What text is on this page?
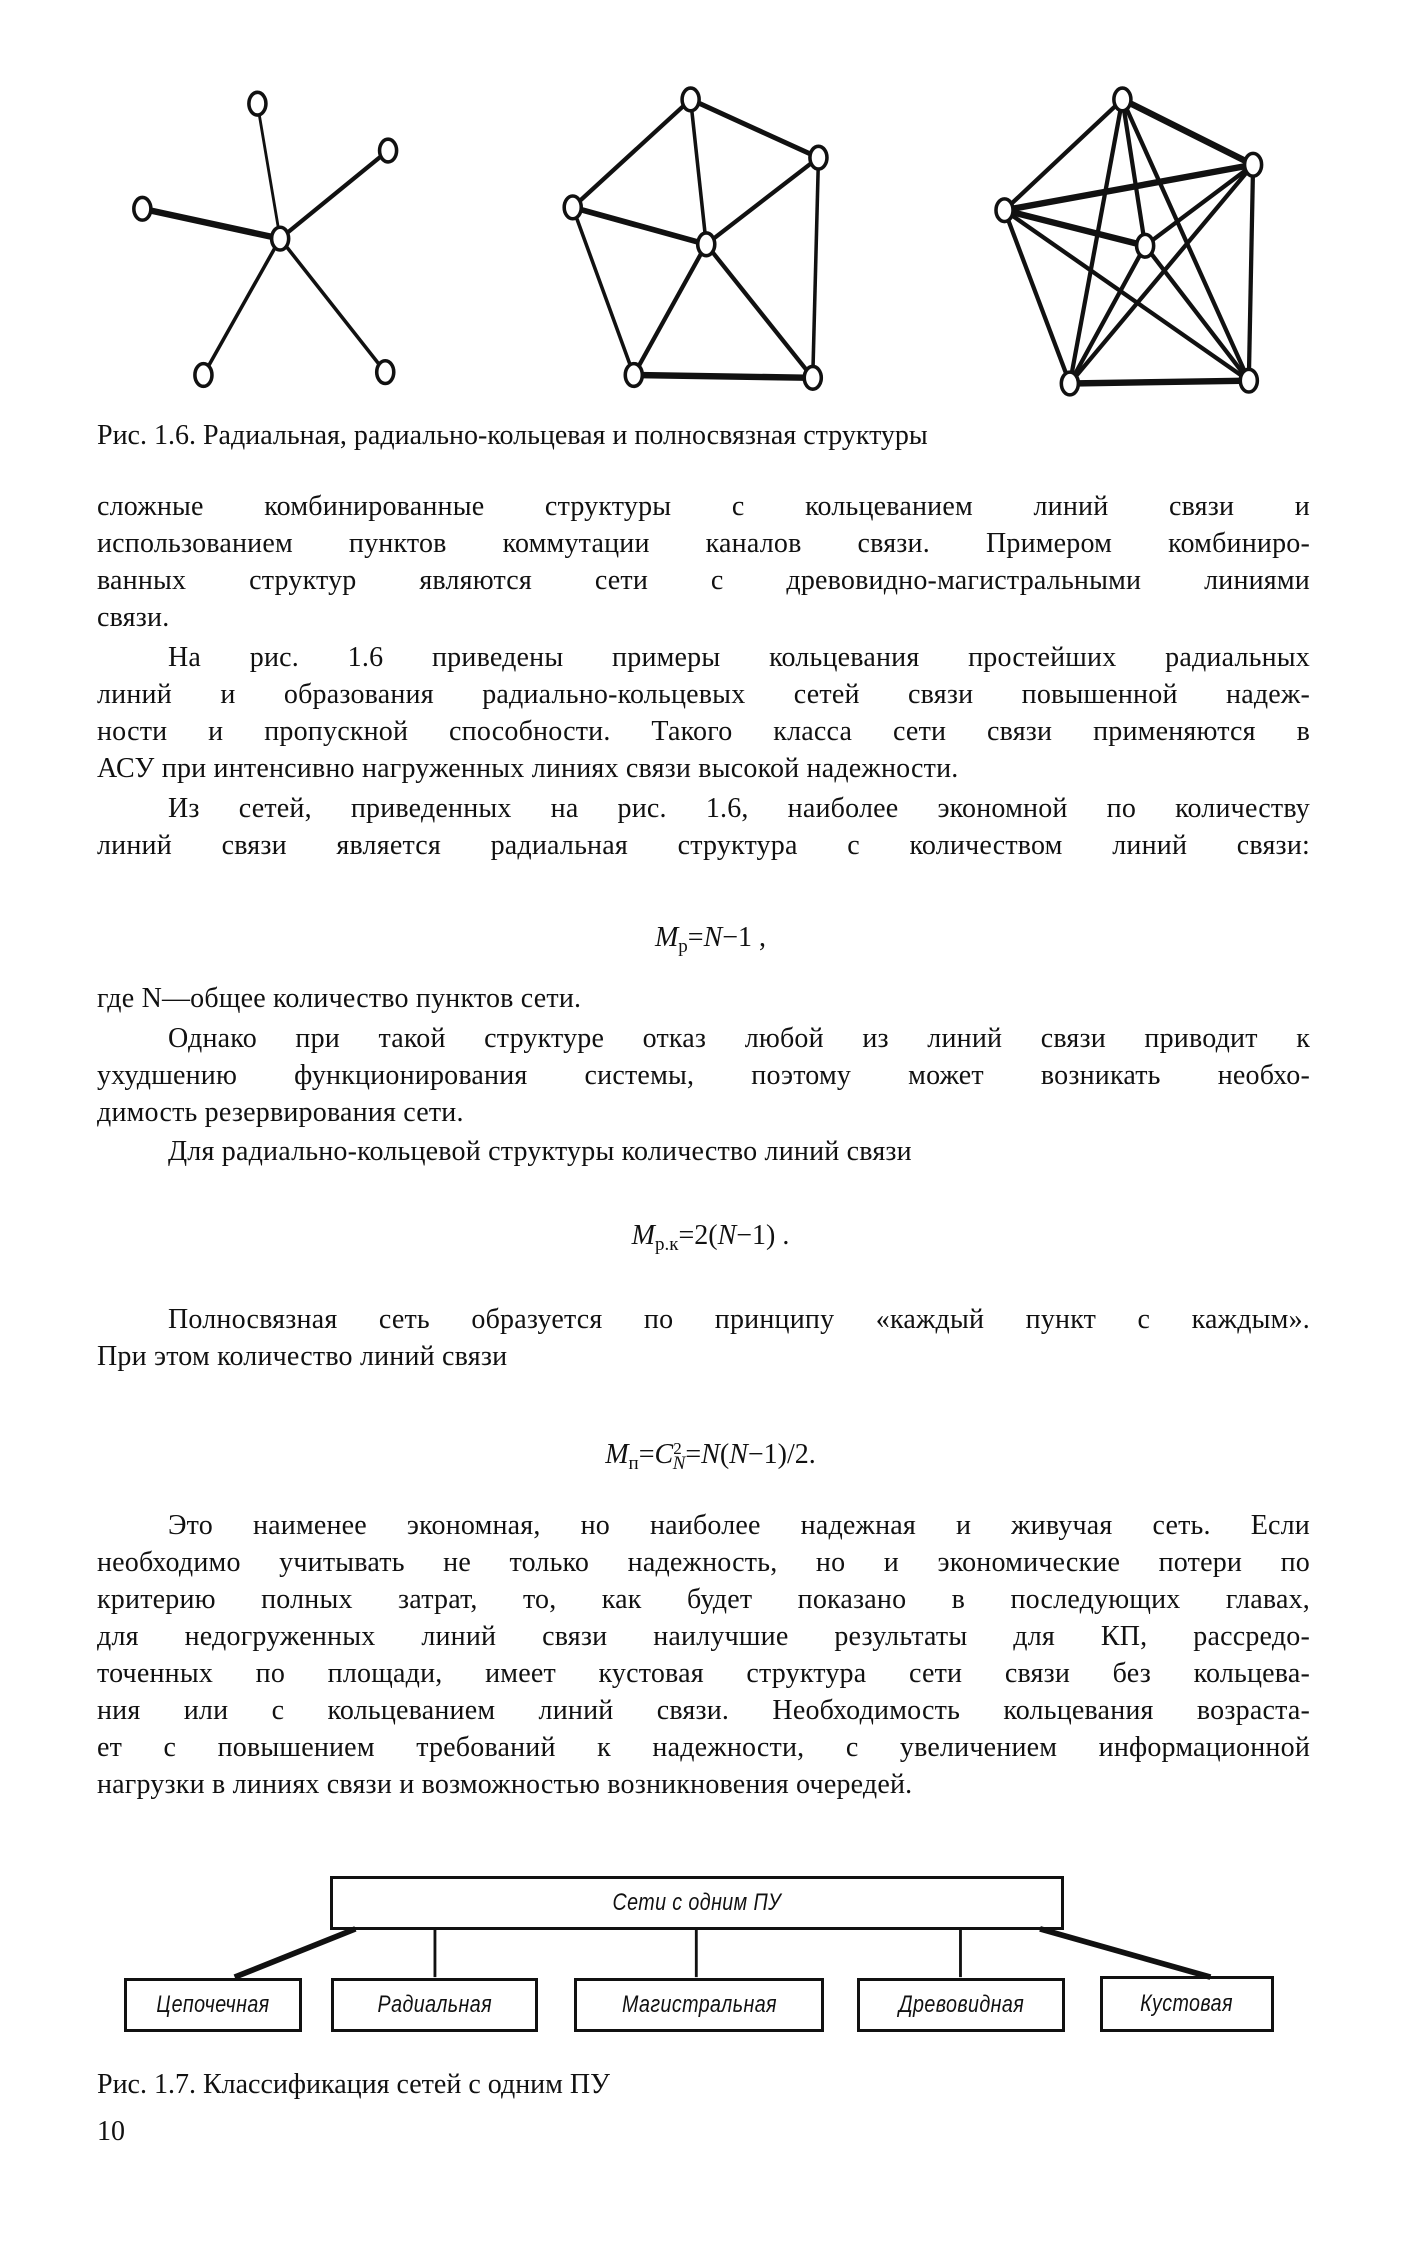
Рис. 1.6. Радиальная, радиально-кольцевая и полносвязная структуры
сложные комбинированные структуры с кольцеванием линий связи и
использованием пунктов коммутации каналов связи. Примером комбиниро-
ванных структур являются сети с древовидно-магистральными линиями
связи.
На рис. 1.6 приведены примеры кольцевания простейших радиальных
линий и образования радиально-кольцевых сетей связи повышенной надеж-
ности и пропускной способности. Такого класса сети связи применяются в
АСУ при интенсивно нагруженных линиях связи высокой надежности.
Из сетей, приведенных на рис. 1.6, наиболее экономной по количеству
линий связи является радиальная структура с количеством линий связи:
$M_р=N-1$ ,
где N—общее количество пунктов сети.
Однако при такой структуре отказ любой из линий связи приводит к
ухудшению функционирования системы, поэтому может возникать необхо-
димость резервирования сети.
Для радиально-кольцевой структуры количество линий связи
$M_{р.к}=2(N-1)$ .
Полносвязная сеть образуется по принципу «каждый пункт с каждым».
При этом количество линий связи
$M_п=C^2_N=N(N-1)/2$.
Это наименее экономная, но наиболее надежная и живучая сеть. Если
необходимо учитывать не только надежность, но и экономические потери по
критерию полных затрат, то, как будет показано в последующих главах,
для недогруженных линий связи наилучшие результаты для КП, рассредо-
точенных по площади, имеет кустовая структура сети связи без кольцева-
ния или с кольцеванием линий связи. Необходимость кольцевания возраста-
ет с повышением требований к надежности, с увеличением информационной
нагрузки в линиях связи и возможностью возникновения очередей.
Сети с одним ПУ
Цепочечная	Радиальная	Магистральная	Древовидная	Кустовая
Рис. 1.7. Классификация сетей с одним ПУ
10
